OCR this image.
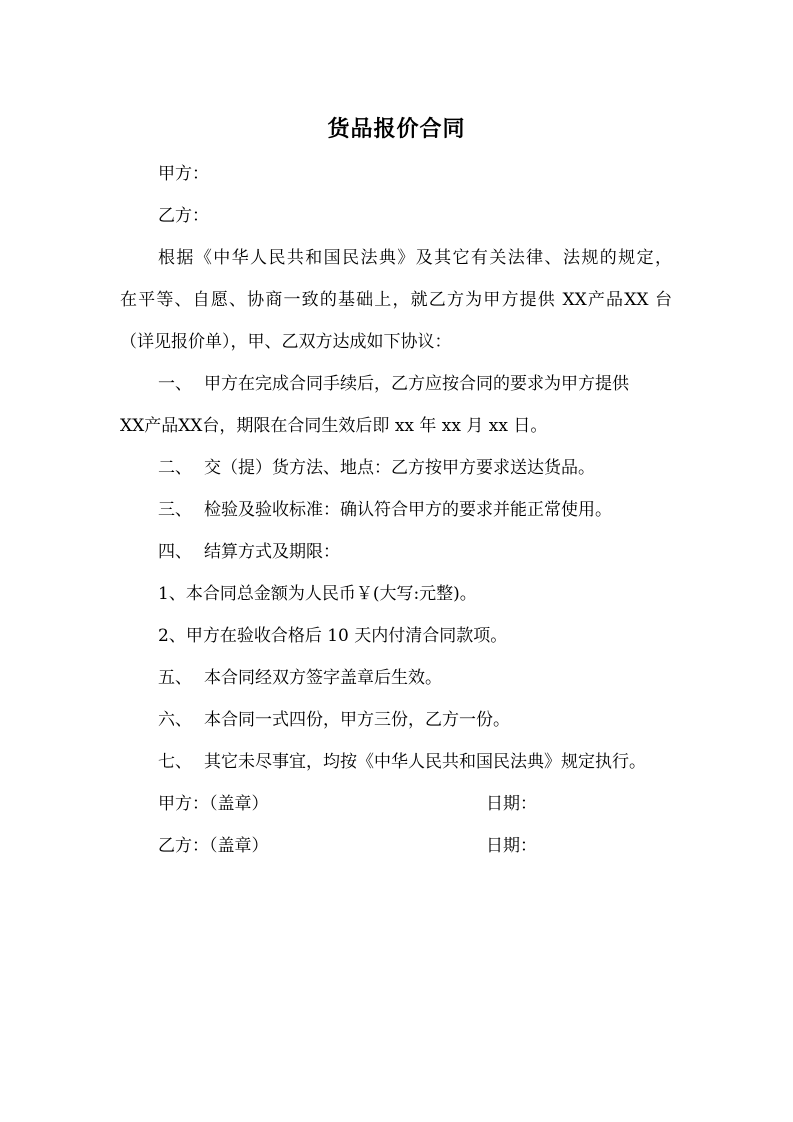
货品报价合同
甲方：
乙方：
根据《中华人民共和国民法典》及其它有关法律、法规的规定，
在平等、自愿、协商一致的基础上，就乙方为甲方提供 XX产品XX 台
（详见报价单），甲、乙双方达成如下协议：
一、 甲方在完成合同手续后，乙方应按合同的要求为甲方提供
XX产品XX台，期限在合同生效后即 xx 年 xx 月 xx 日。
二、 交（提）货方法、地点：乙方按甲方要求送达货品。
三、 检验及验收标准：确认符合甲方的要求并能正常使用。
四、 结算方式及期限：
1、本合同总金额为人民币￥(大写:元整)。
2、甲方在验收合格后 10 天内付清合同款项。
五、 本合同经双方签字盖章后生效。
六、 本合同一式四份，甲方三份，乙方一份。
七、 其它未尽事宜，均按《中华人民共和国民法典》规定执行。
甲方：（盖章）	日期：
乙方：（盖章）	日期：
